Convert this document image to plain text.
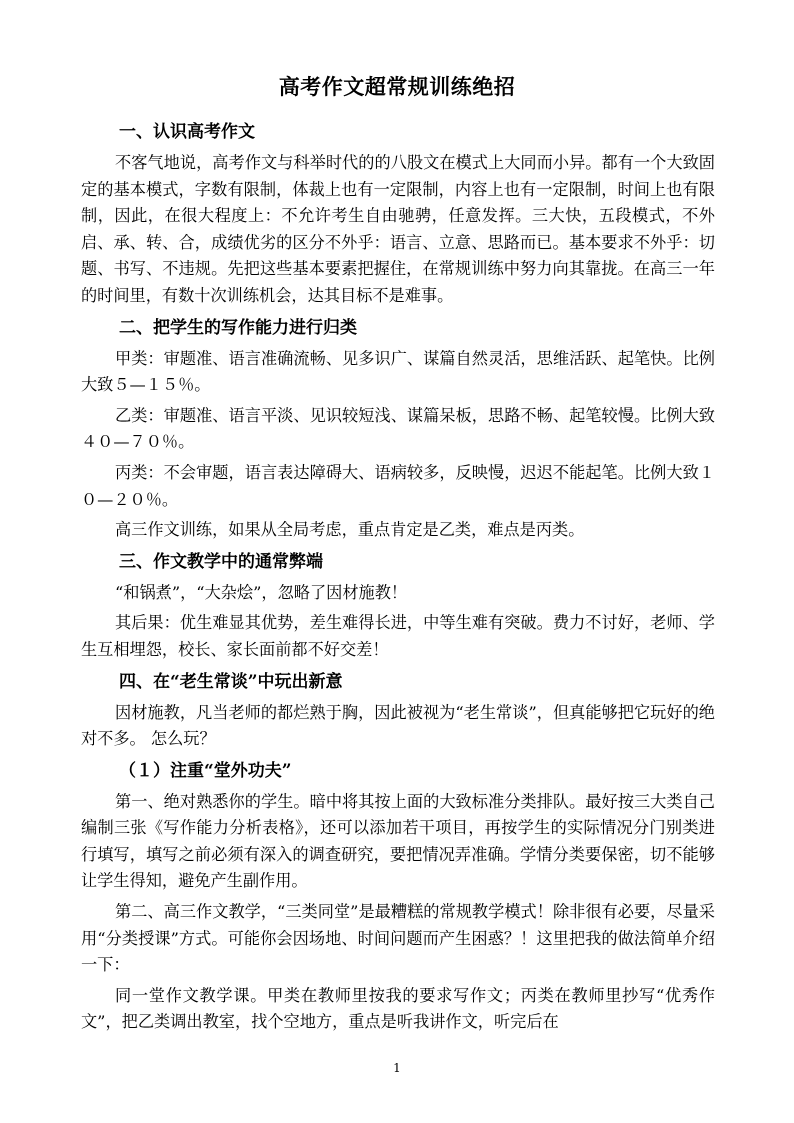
高考作文超常规训练绝招
一、认识高考作文

不客气地说，高考作文与科举时代的的八股文在模式上大同而小异。都有一个大致固定的基本模式，字数有限制，体裁上也有一定限制，内容上也有一定限制，时间上也有限制，因此，在很大程度上：不允许考生自由驰骋，任意发挥。三大快，五段模式，不外启、承、转、合，成绩优劣的区分不外乎：语言、立意、思路而已。基本要求不外乎：切题、书写、不违规。先把这些基本要素把握住，在常规训练中努力向其靠拢。在高三一年的时间里，有数十次训练机会，达其目标不是难事。

二、把学生的写作能力进行归类

甲类：审题准、语言准确流畅、见多识广、谋篇自然灵活，思维活跃、起笔快。比例大致５—１５％。

乙类：审题准、语言平淡、见识较短浅、谋篇呆板，思路不畅、起笔较慢。比例大致４０—７０％。

丙类：不会审题，语言表达障碍大、语病较多，反映慢，迟迟不能起笔。比例大致１０—２０％。

高三作文训练，如果从全局考虑，重点肯定是乙类，难点是丙类。

三、作文教学中的通常弊端

“和锅煮”，“大杂烩”，忽略了因材施教！

其后果：优生难显其优势，差生难得长进，中等生难有突破。费力不讨好，老师、学生互相埋怨，校长、家长面前都不好交差！

四、在“老生常谈”中玩出新意

因材施教，凡当老师的都烂熟于胸，因此被视为“老生常谈”，但真能够把它玩好的绝对不多。 怎么玩？

（１）注重“堂外功夫”

第一、绝对熟悉你的学生。暗中将其按上面的大致标准分类排队。最好按三大类自己编制三张《写作能力分析表格》，还可以添加若干项目，再按学生的实际情况分门别类进行填写，填写之前必须有深入的调查研究，要把情况弄准确。学情分类要保密，切不能够让学生得知，避免产生副作用。

第二、高三作文教学，“三类同堂”是最糟糕的常规教学模式！除非很有必要，尽量采用“分类授课”方式。可能你会因场地、时间问题而产生困惑？！这里把我的做法简单介绍一下：

同一堂作文教学课。甲类在教师里按我的要求写作文；丙类在教师里抄写“优秀作文”，把乙类调出教室，找个空地方，重点是听我讲作文，听完后在

1
